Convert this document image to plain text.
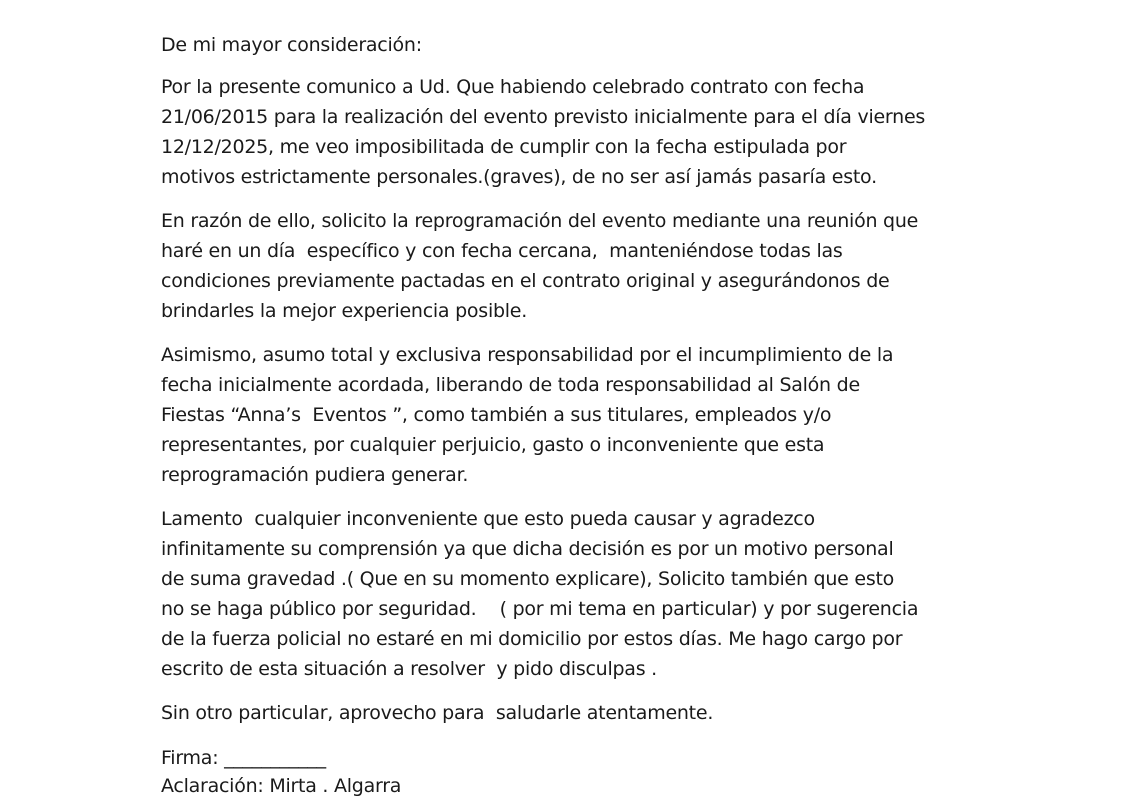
De mi mayor consideración:
Por la presente comunico a Ud. Que habiendo celebrado contrato con fecha
21/06/2015 para la realización del evento previsto inicialmente para el día viernes
12/12/2025, me veo imposibilitada de cumplir con la fecha estipulada por
motivos estrictamente personales.(graves), de no ser así jamás pasaría esto.
En razón de ello, solicito la reprogramación del evento mediante una reunión que
haré en un día  específico y con fecha cercana,  manteniéndose todas las
condiciones previamente pactadas en el contrato original y asegurándonos de
brindarles la mejor experiencia posible.
Asimismo, asumo total y exclusiva responsabilidad por el incumplimiento de la
fecha inicialmente acordada, liberando de toda responsabilidad al Salón de
Fiestas “Anna’s  Eventos ”, como también a sus titulares, empleados y/o
representantes, por cualquier perjuicio, gasto o inconveniente que esta
reprogramación pudiera generar.
Lamento  cualquier inconveniente que esto pueda causar y agradezco
infinitamente su comprensión ya que dicha decisión es por un motivo personal
de suma gravedad .( Que en su momento explicare), Solicito también que esto
no se haga público por seguridad.    ( por mi tema en particular) y por sugerencia
de la fuerza policial no estaré en mi domicilio por estos días. Me hago cargo por
escrito de esta situación a resolver  y pido disculpas .
Sin otro particular, aprovecho para  saludarle atentamente.
Firma: ___________
Aclaración: Mirta . Algarra
